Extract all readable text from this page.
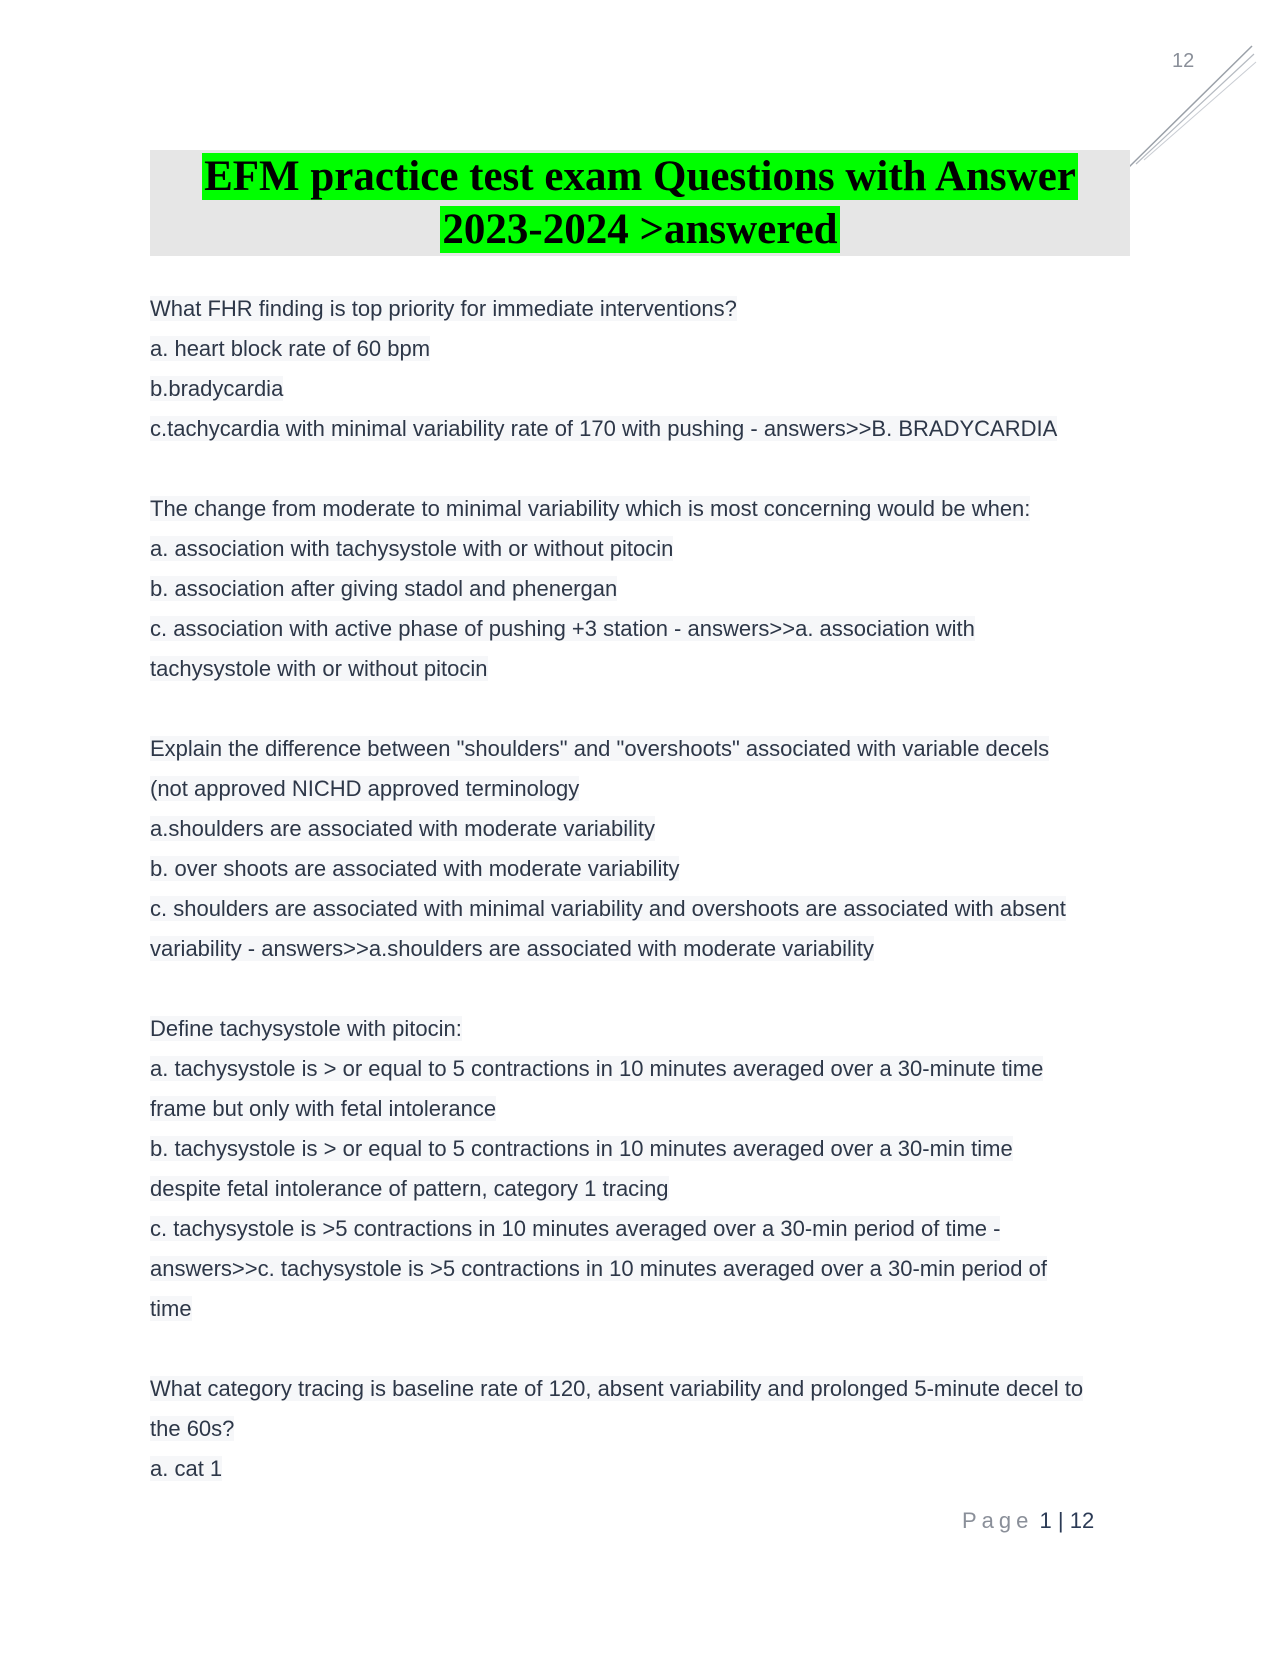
12
EFM practice test exam Questions with Answer
2023-2024 >answered
What FHR finding is top priority for immediate interventions?
a. heart block rate of 60 bpm
b.bradycardia
c.tachycardia with minimal variability rate of 170 with pushing - answers>>B. BRADYCARDIA
The change from moderate to minimal variability which is most concerning would be when:
a. association with tachysystole with or without pitocin
b. association after giving stadol and phenergan
c. association with active phase of pushing +3 station - answers>>a. association with
tachysystole with or without pitocin
Explain the difference between "shoulders" and "overshoots" associated with variable decels
(not approved NICHD approved terminology
a.shoulders are associated with moderate variability
b. over shoots are associated with moderate variability
c. shoulders are associated with minimal variability and overshoots are associated with absent
variability - answers>>a.shoulders are associated with moderate variability
Define tachysystole with pitocin:
a. tachysystole is > or equal to 5 contractions in 10 minutes averaged over a 30-minute time
frame but only with fetal intolerance
b. tachysystole is > or equal to 5 contractions in 10 minutes averaged over a 30-min time
despite fetal intolerance of pattern, category 1 tracing
c. tachysystole is >5 contractions in 10 minutes averaged over a 30-min period of time -
answers>>c. tachysystole is >5 contractions in 10 minutes averaged over a 30-min period of
time
What category tracing is baseline rate of 120, absent variability and prolonged 5-minute decel to
the 60s?
a. cat 1
Page 1 | 12
